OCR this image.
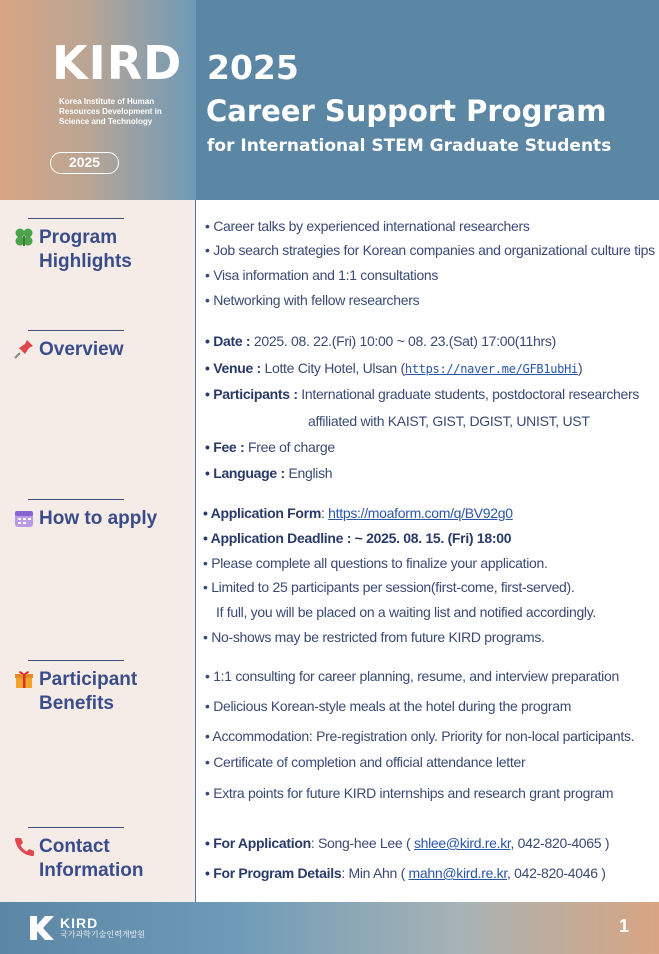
KIRD
Korea Institute of Human Resources Development in Science and Technology
2025
2025
Career Support Program
for International STEM Graduate Students
Program
Highlights
Overview
How to apply
Participant
Benefits
Contact
Information
• Career talks by experienced international researchers
• Job search strategies for Korean companies and organizational culture tips
• Visa information and 1:1 consultations
• Networking with fellow researchers
• Date : 2025. 08. 22.(Fri) 10:00 ~ 08. 23.(Sat) 17:00(11hrs)
• Venue : Lotte City Hotel, Ulsan (https://naver.me/GFB1ubHi)
• Participants : International graduate students, postdoctoral researchers
affiliated with KAIST, GIST, DGIST, UNIST, UST
• Fee : Free of charge
• Language : English
• Application Form: https://moaform.com/q/BV92g0
• Application Deadline : ~ 2025. 08. 15. (Fri) 18:00
• Please complete all questions to finalize your application.
• Limited to 25 participants per session(first-come, first-served).
If full, you will be placed on a waiting list and notified accordingly.
• No-shows may be restricted from future KIRD programs.
• 1:1 consulting for career planning, resume, and interview preparation
• Delicious Korean-style meals at the hotel during the program
• Accommodation: Pre-registration only. Priority for non-local participants.
• Certificate of completion and official attendance letter
• Extra points for future KIRD internships and research grant program
• For Application: Song-hee Lee ( shlee@kird.re.kr, 042-820-4065 )
• For Program Details: Min Ahn ( mahn@kird.re.kr, 042-820-4046 )
KIRD
국가과학기술인력개발원	1
